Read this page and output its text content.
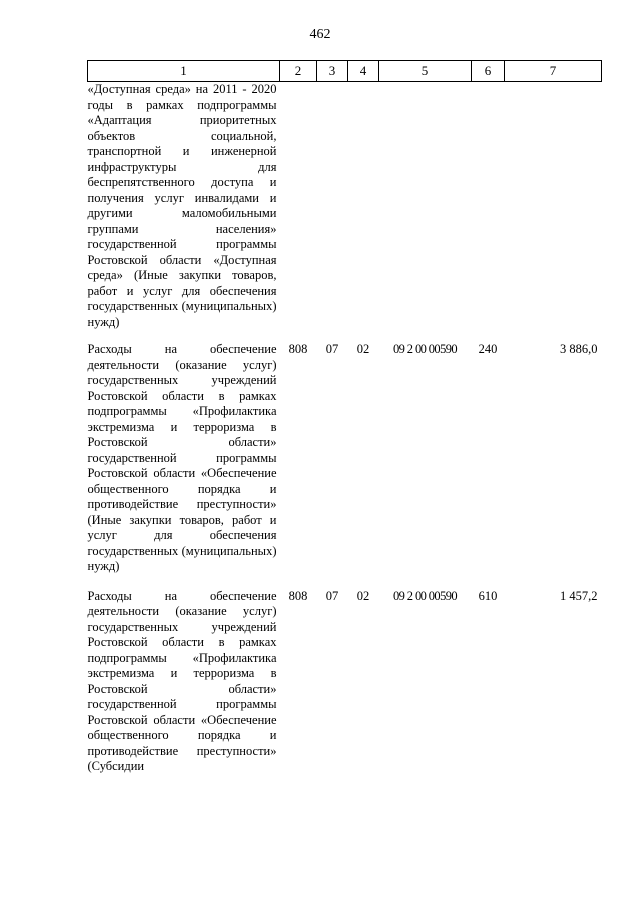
462
1	2	3	4	5	6	7
«Доступная среда» на 2011 - 2020 годы в рамках подпрограммы «Адаптация приоритетных объектов социальной, транспортной и инженерной инфраструктуры для беспрепятственного доступа и получения услуг инвалидами и другими маломобильными группами населения» государственной программы Ростовской области «Доступная среда» (Иные закупки товаров, работ и услуг для обеспечения государственных (муниципальных) нужд)						
Расходы на обеспечение деятельности (оказание услуг) государственных учреждений Ростовской области в рамках подпрограммы «Профилактика экстремизма и терроризма в Ростовской области» государственной программы Ростовской области «Обеспечение общественного порядка и противодействие преступности» (Иные закупки товаров, работ и услуг для обеспечения государственных (муниципальных) нужд)	808	07	02	09 2 00 00590	240	3 886,0
Расходы на обеспечение деятельности (оказание услуг) государственных учреждений Ростовской области в рамках подпрограммы «Профилактика экстремизма и терроризма в Ростовской области» государственной программы Ростовской области «Обеспечение общественного порядка и противодействие преступности» (Субсидии	808	07	02	09 2 00 00590	610	1 457,2
